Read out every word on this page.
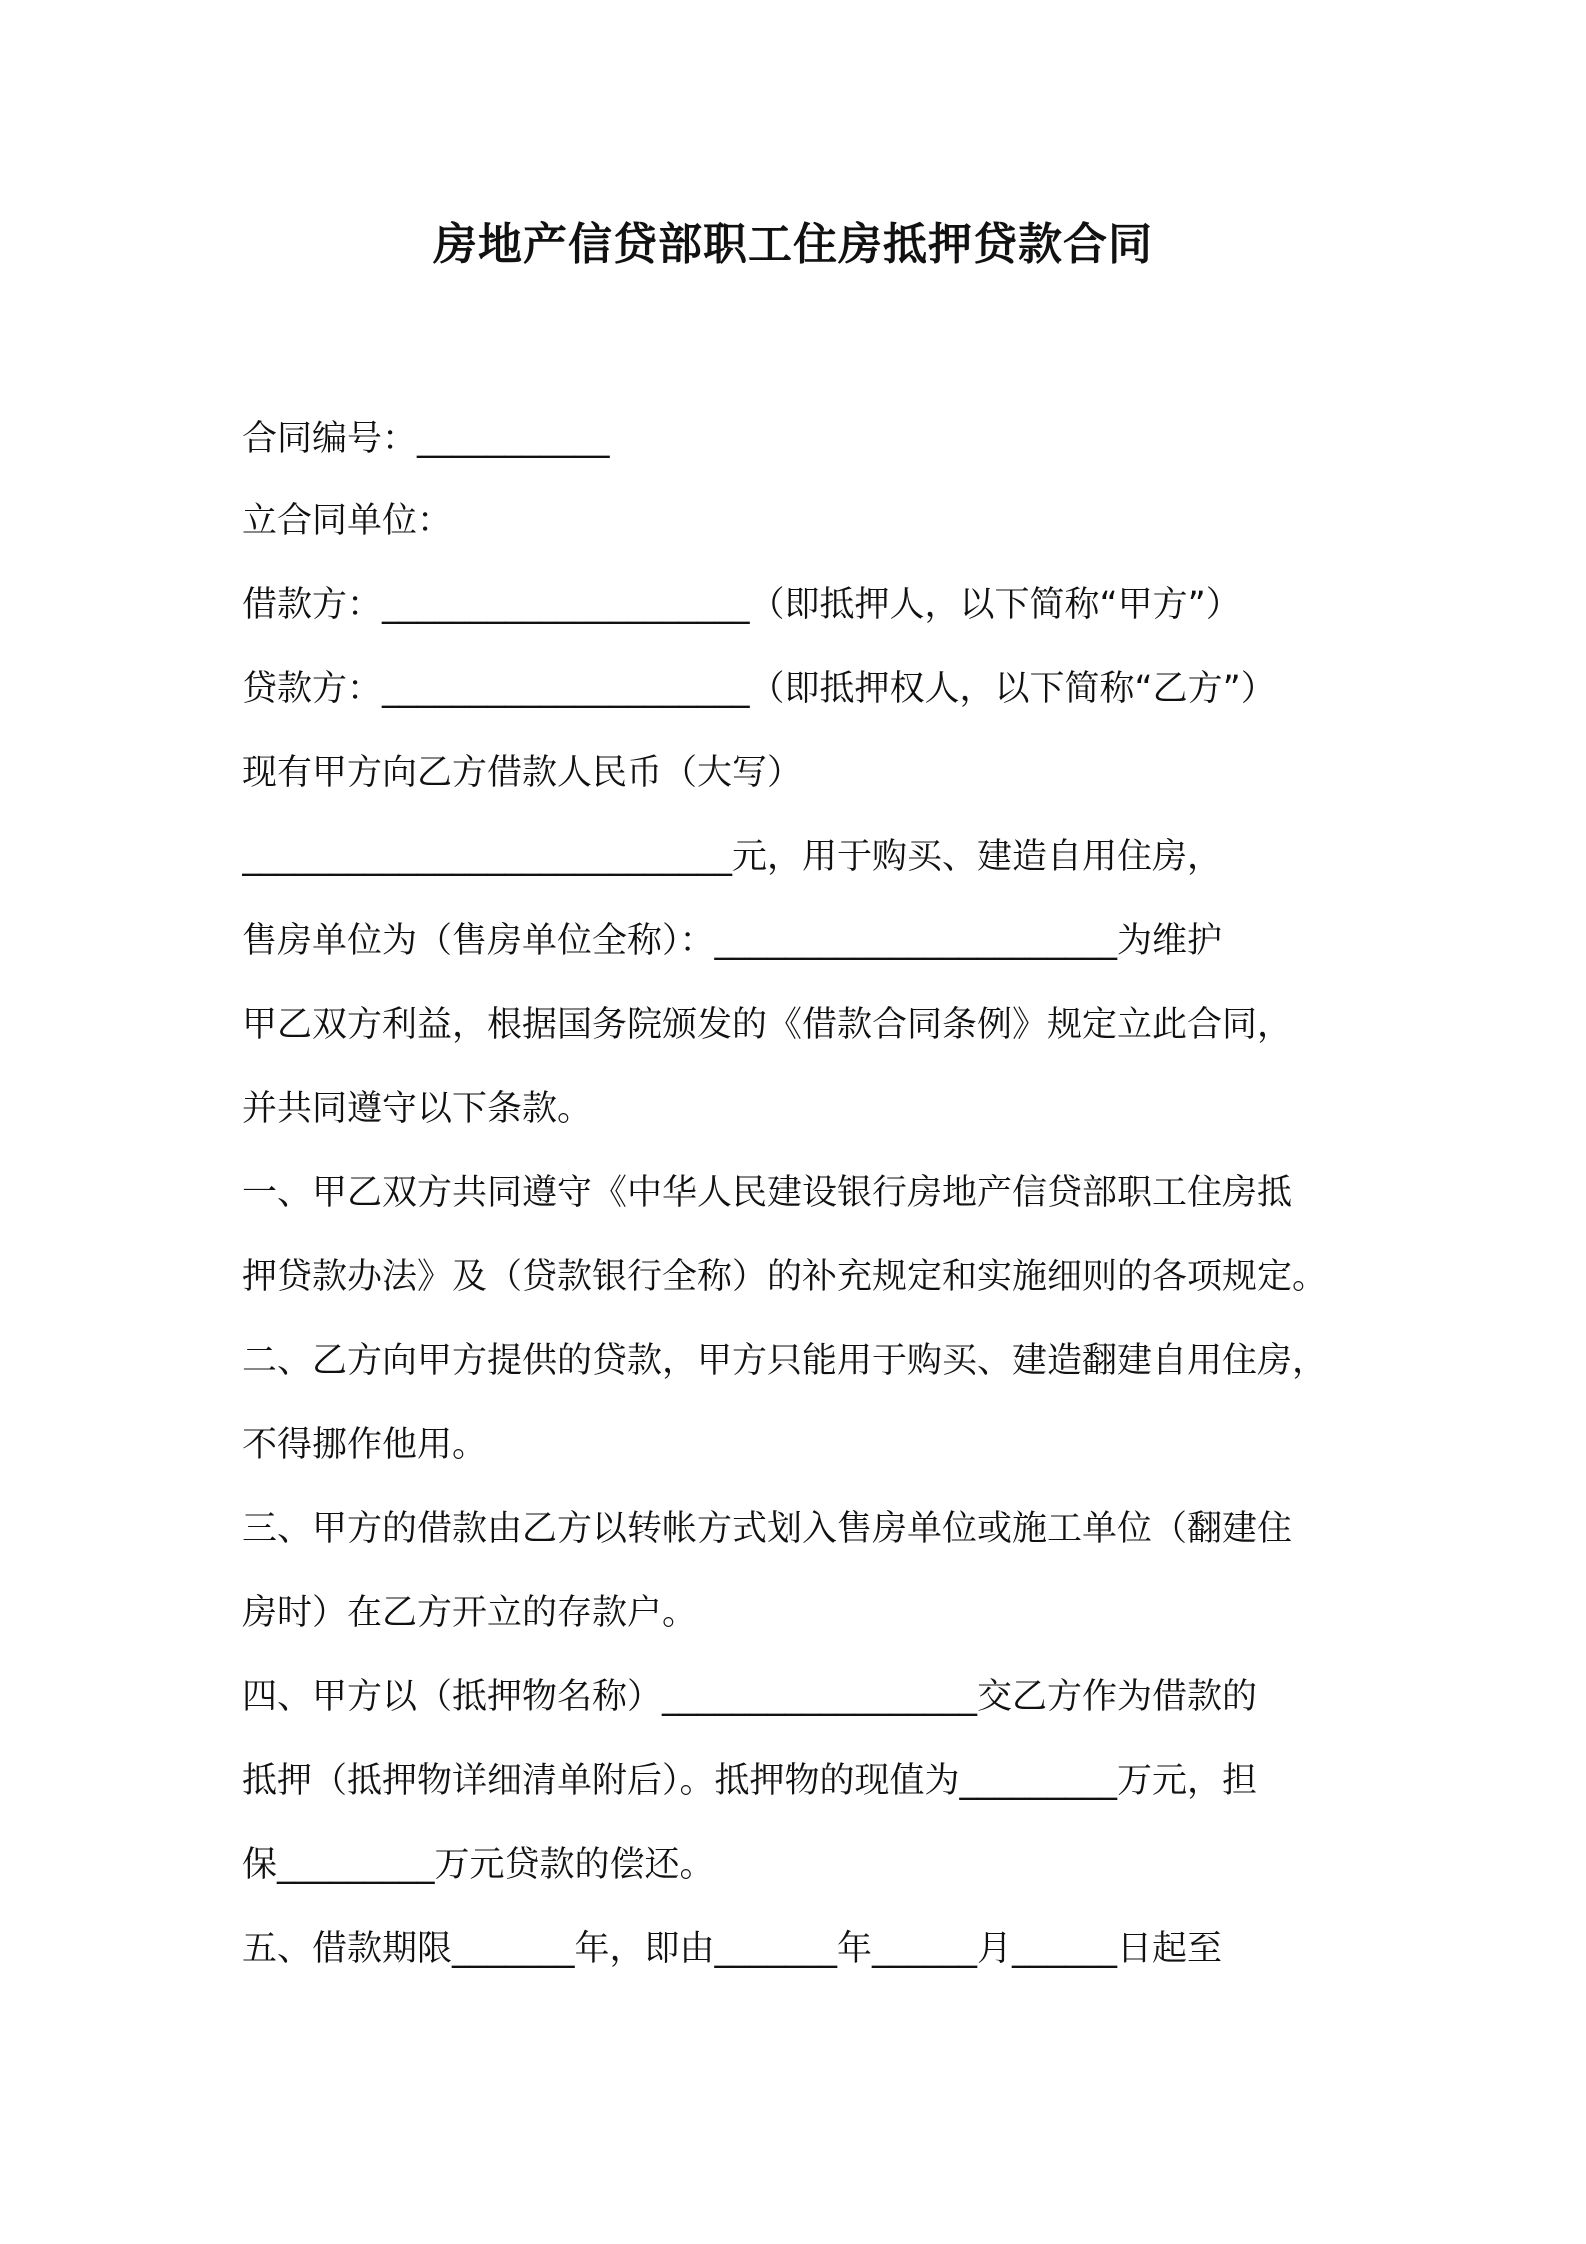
房地产信贷部职工住房抵押贷款合同
合同编号：___________
立合同单位：
借款方：_____________________（即抵押人，以下简称“甲方”）
贷款方：_____________________（即抵押权人，以下简称“乙方”）
现有甲方向乙方借款人民币（大写）
____________________________元，用于购买、建造自用住房，
售房单位为（售房单位全称）：_______________________为维护
甲乙双方利益，根据国务院颁发的《借款合同条例》规定立此合同，
并共同遵守以下条款。
一、甲乙双方共同遵守《中华人民建设银行房地产信贷部职工住房抵
押贷款办法》及（贷款银行全称）的补充规定和实施细则的各项规定。
二、乙方向甲方提供的贷款，甲方只能用于购买、建造翻建自用住房，
不得挪作他用。
三、甲方的借款由乙方以转帐方式划入售房单位或施工单位（翻建住
房时）在乙方开立的存款户。
四、甲方以（抵押物名称）__________________交乙方作为借款的
抵押（抵押物详细清单附后）。抵押物的现值为_________万元，担
保_________万元贷款的偿还。
五、借款期限_______年，即由_______年______月______日起至
